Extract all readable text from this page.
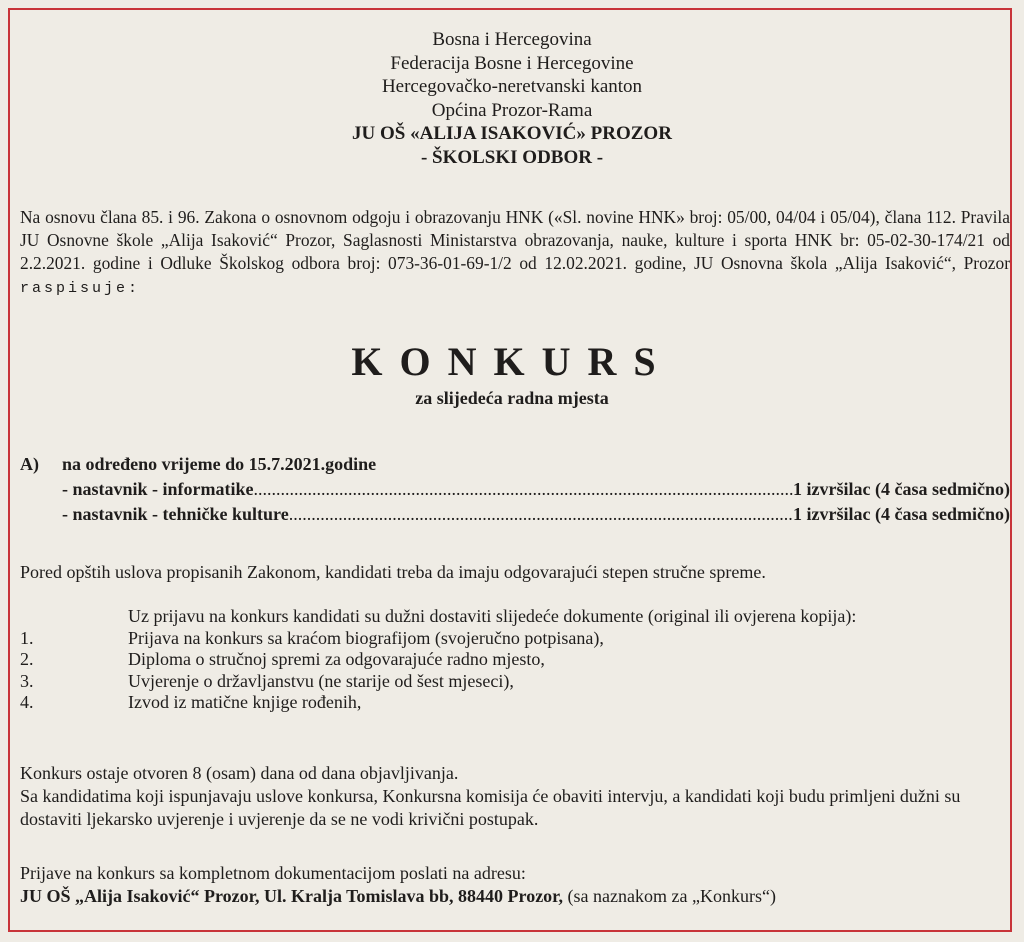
Bosna i Hercegovina
Federacija Bosne i Hercegovine
Hercegovačko-neretvanski kanton
Općina Prozor-Rama
JU OŠ «ALIJA ISAKOVIĆ» PROZOR
- ŠKOLSKI ODBOR -
Na osnovu člana 85. i 96. Zakona o osnovnom odgoju i obrazovanju HNK («Sl. novine HNK» broj: 05/00, 04/04 i 05/04), člana 112. Pravila JU Osnovne škole „Alija Isaković“ Prozor, Saglasnosti Ministarstva obrazovanja, nauke, kulture i sporta HNK br: 05-02-30-174/21 od 2.2.2021. godine i Odluke Školskog odbora broj: 073-36-01-69-1/2 od 12.02.2021. godine, JU Osnovna škola „Alija Isaković“, Prozor raspisuje:
KONKURS
za slijedeća radna mjesta
A) na određeno vrijeme do 15.7.2021.godine
- nastavnik - informatike .....	1 izvršilac (4 časa sedmično)
- nastavnik - tehničke kulture .....	1 izvršilac (4 časa sedmično)
Pored opštih uslova propisanih Zakonom, kandidati treba da imaju odgovarajući stepen stručne spreme.
Uz prijavu na konkurs kandidati su dužni dostaviti slijedeće dokumente (original ili ovjerena kopija):
1.	Prijava na konkurs sa kraćom biografijom (svojeručno potpisana),
2.	Diploma o stručnoj spremi za odgovarajuće radno mjesto,
3.	Uvjerenje o državljanstvu (ne starije od šest mjeseci),
4.	Izvod iz matične knjige rođenih,
Konkurs ostaje otvoren 8 (osam) dana od dana objavljivanja.
Sa kandidatima koji ispunjavaju uslove konkursa, Konkursna komisija će obaviti intervju, a kandidati koji budu primljeni dužni su dostaviti ljekarsko uvjerenje i uvjerenje da se ne vodi krivični postupak.
Prijave na konkurs sa kompletnom dokumentacijom poslati na adresu:
JU OŠ „Alija Isaković“ Prozor, Ul. Kralja Tomislava bb, 88440 Prozor, (sa naznakom za „Konkurs“)
